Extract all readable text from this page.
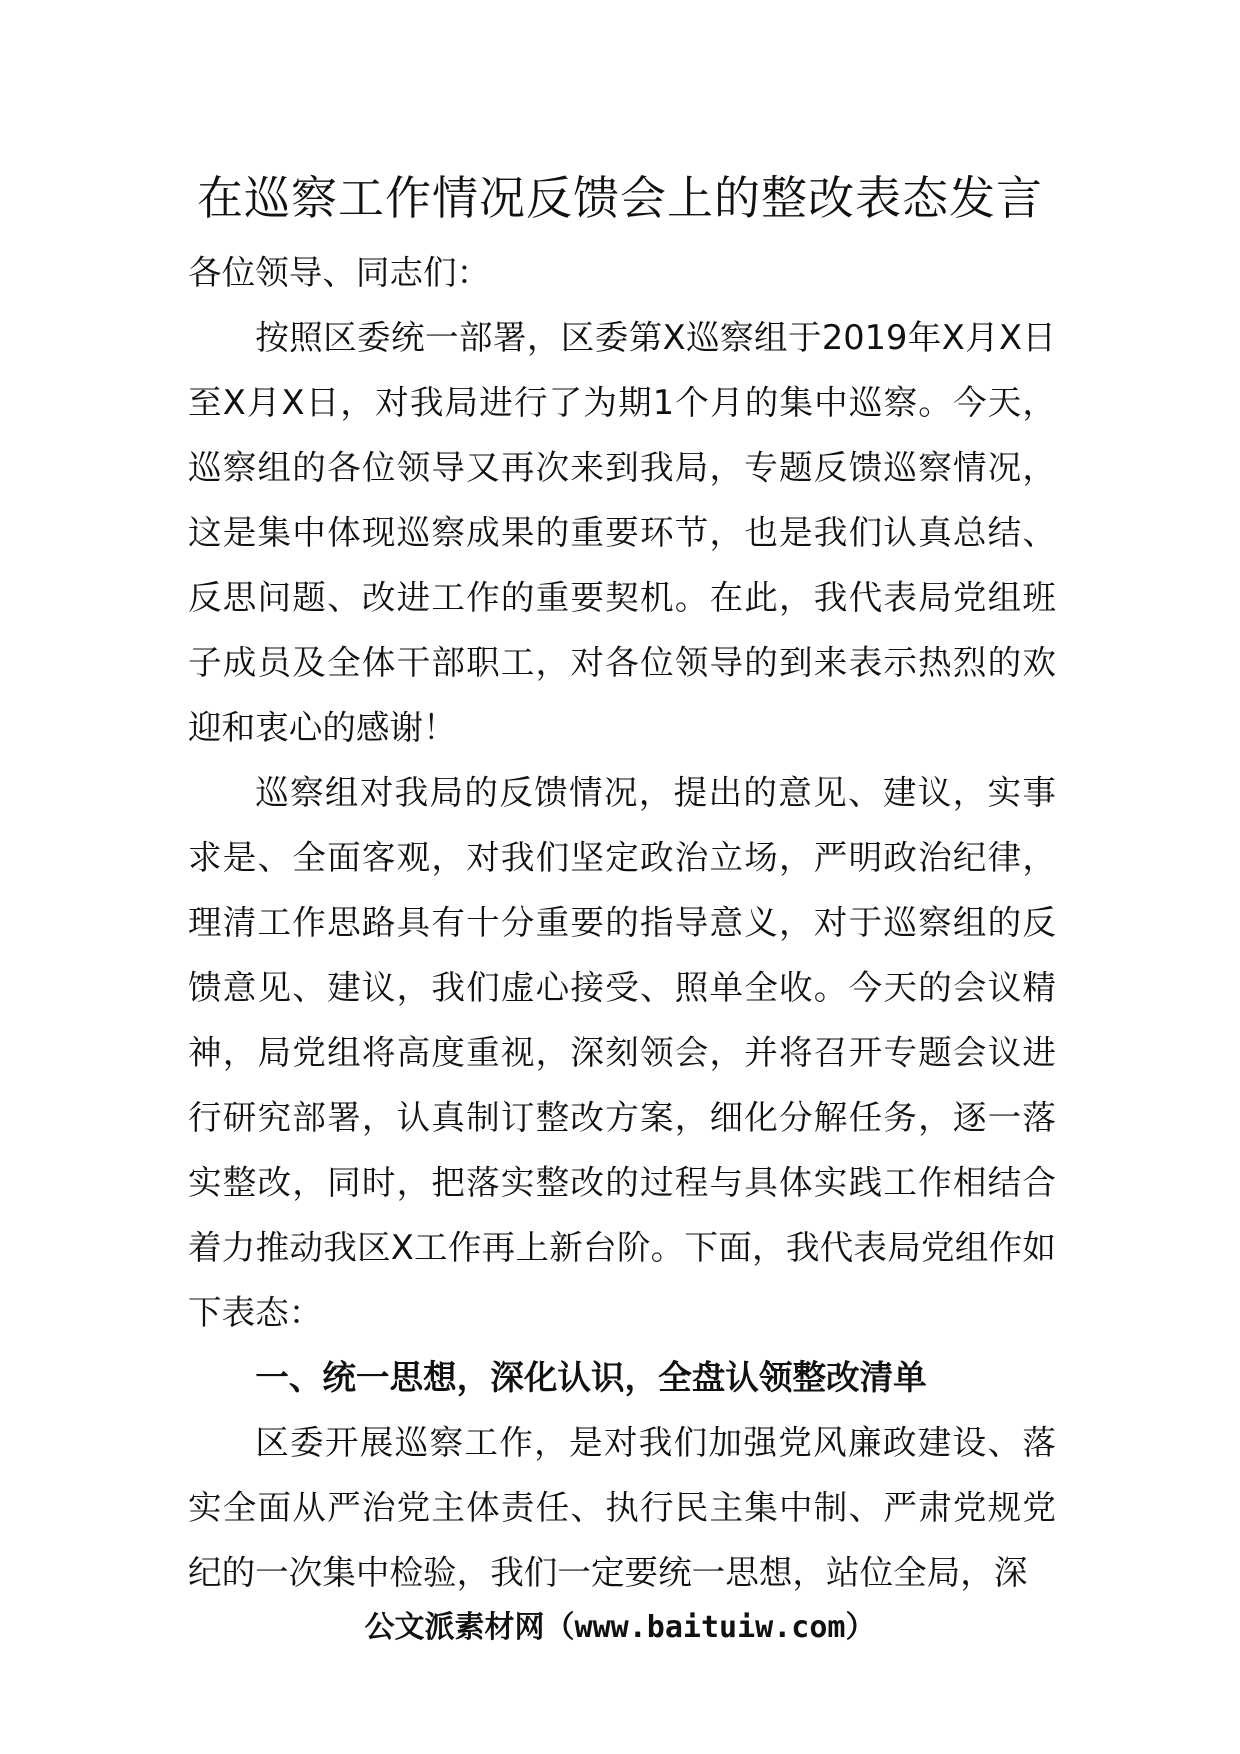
在巡察工作情况反馈会上的整改表态发言

各位领导、同志们：

按照区委统一部署，区委第X巡察组于2019年X月X日至X月X日，对我局进行了为期1个月的集中巡察。今天，巡察组的各位领导又再次来到我局，专题反馈巡察情况，这是集中体现巡察成果的重要环节，也是我们认真总结、反思问题、改进工作的重要契机。在此，我代表局党组班子成员及全体干部职工，对各位领导的到来表示热烈的欢迎和衷心的感谢！

巡察组对我局的反馈情况，提出的意见、建议，实事求是、全面客观，对我们坚定政治立场，严明政治纪律，理清工作思路具有十分重要的指导意义，对于巡察组的反馈意见、建议，我们虚心接受、照单全收。今天的会议精神，局党组将高度重视，深刻领会，并将召开专题会议进行研究部署，认真制订整改方案，细化分解任务，逐一落实整改，同时，把落实整改的过程与具体实践工作相结合着力推动我区X工作再上新台阶。下面，我代表局党组作如下表态：

一、统一思想，深化认识，全盘认领整改清单

区委开展巡察工作，是对我们加强党风廉政建设、落实全面从严治党主体责任、执行民主集中制、严肃党规党纪的一次集中检验，我们一定要统一思想，站位全局，深

公文派素材网（www.baituiw.com）
